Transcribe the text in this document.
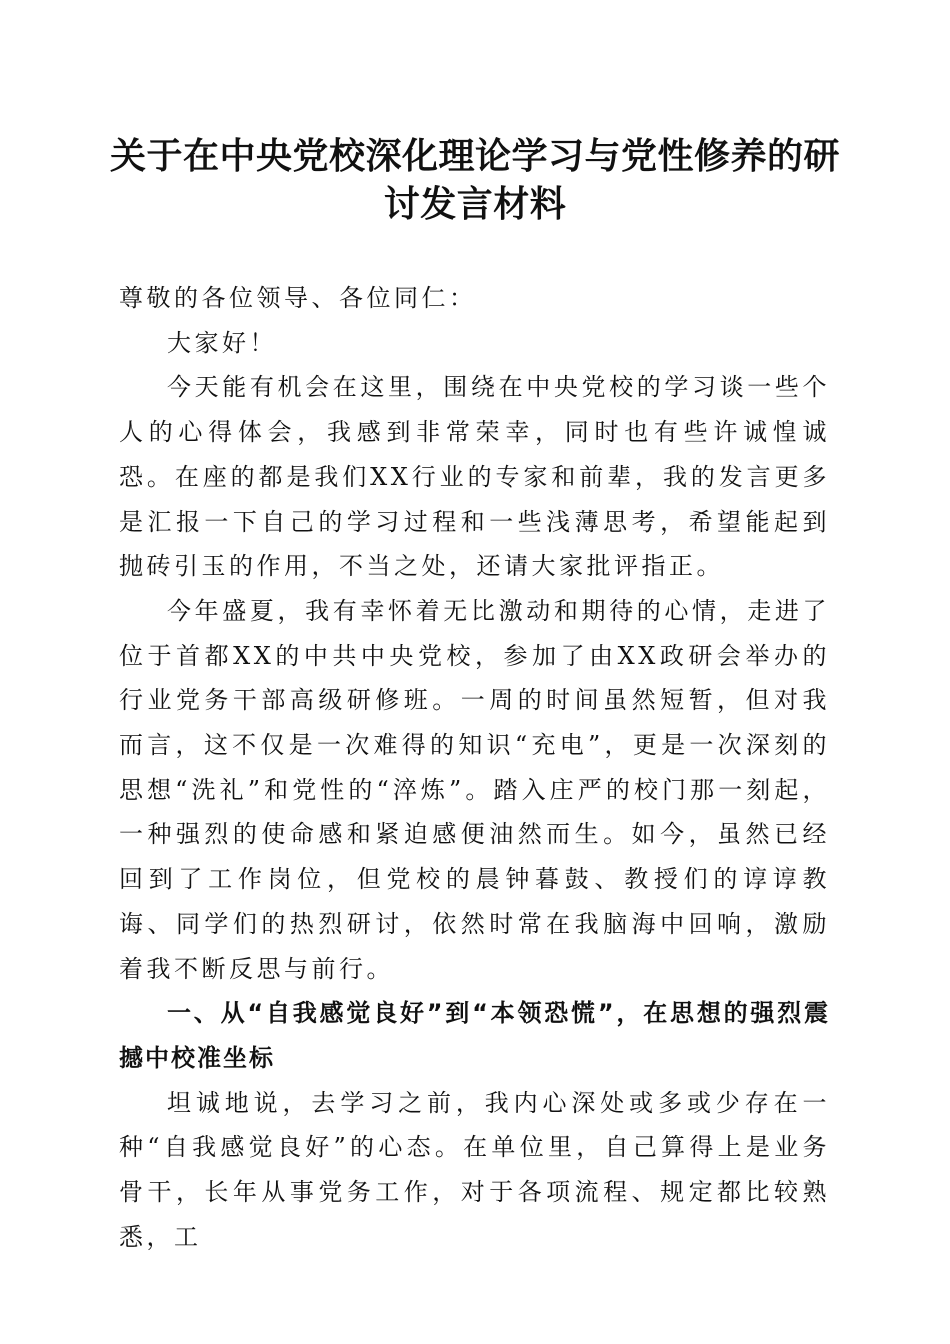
关于在中央党校深化理论学习与党性修养的研
讨发言材料

尊敬的各位领导、各位同仁：

大家好！

今天能有机会在这里，围绕在中央党校的学习谈一些个人的心得体会，我感到非常荣幸，同时也有些许诚惶诚恐。在座的都是我们XX行业的专家和前辈，我的发言更多是汇报一下自己的学习过程和一些浅薄思考，希望能起到抛砖引玉的作用，不当之处，还请大家批评指正。

今年盛夏，我有幸怀着无比激动和期待的心情，走进了位于首都XX的中共中央党校，参加了由XX政研会举办的行业党务干部高级研修班。一周的时间虽然短暂，但对我而言，这不仅是一次难得的知识“充电”，更是一次深刻的思想“洗礼”和党性的“淬炼”。踏入庄严的校门那一刻起，一种强烈的使命感和紧迫感便油然而生。如今，虽然已经回到了工作岗位，但党校的晨钟暮鼓、教授们的谆谆教诲、同学们的热烈研讨，依然时常在我脑海中回响，激励着我不断反思与前行。

一、从“自我感觉良好”到“本领恐慌”，在思想的强烈震撼中校准坐标

坦诚地说，去学习之前，我内心深处或多或少存在一种“自我感觉良好”的心态。在单位里，自己算得上是业务骨干，长年从事党务工作，对于各项流程、规定都比较熟悉，工
